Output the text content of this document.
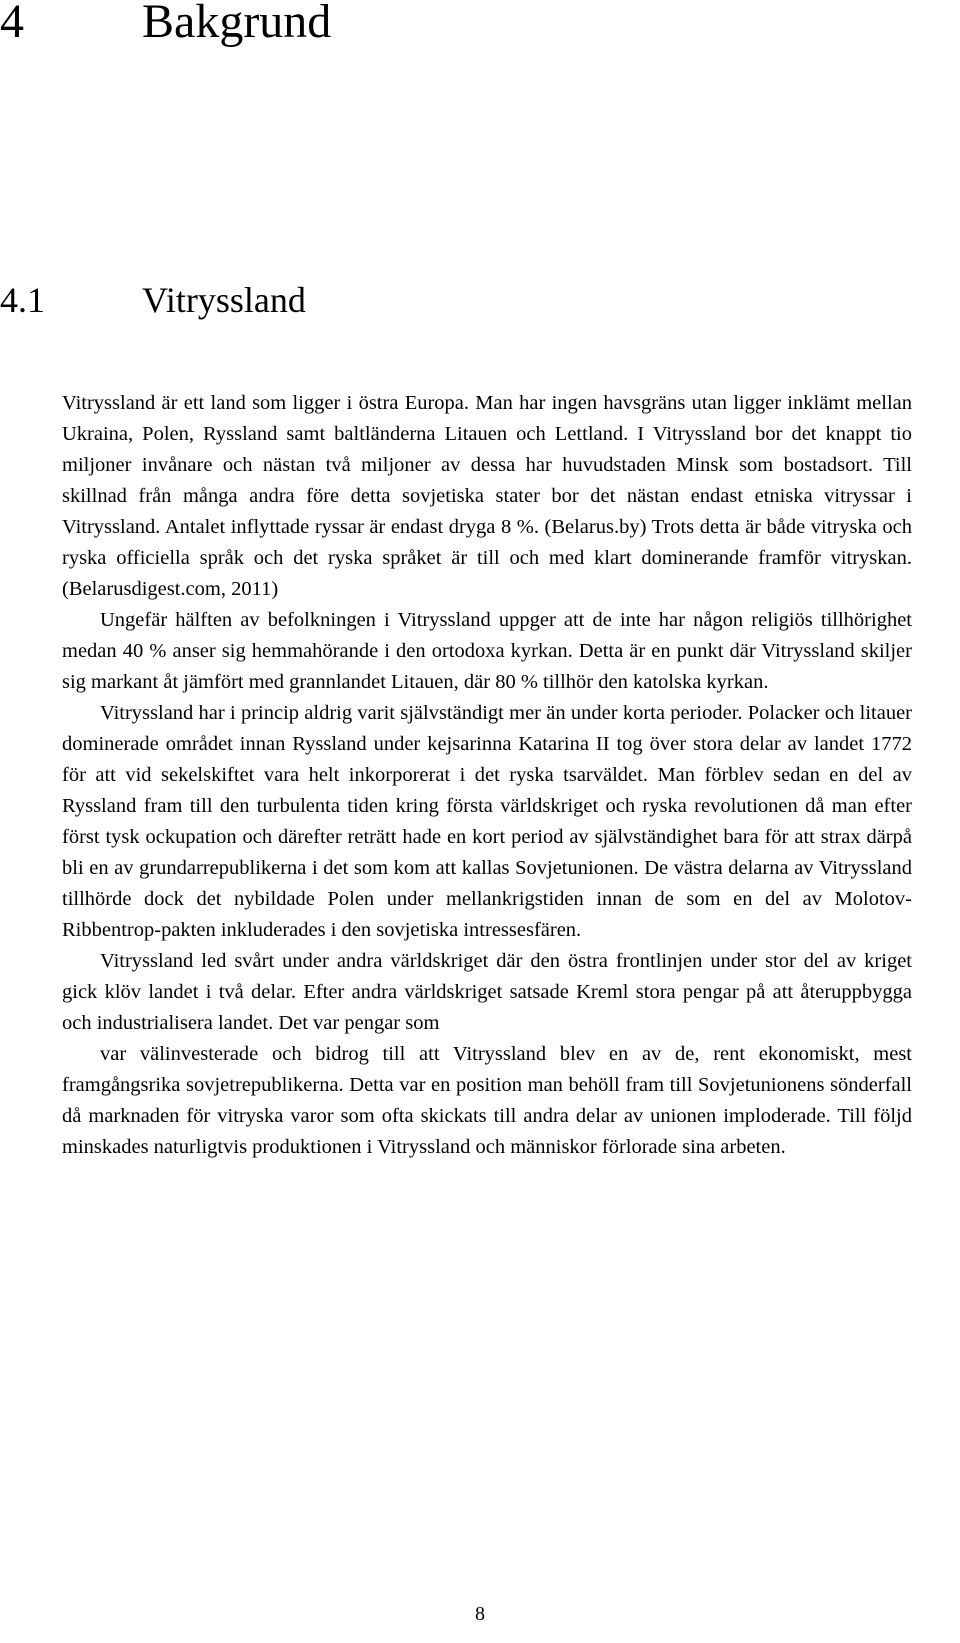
4 Bakgrund
4.1	Vitryssland

Vitryssland är ett land som ligger i östra Europa. Man har ingen havsgräns utan ligger inklämt mellan Ukraina, Polen, Ryssland samt baltländerna Litauen och Lettland. I Vitryssland bor det knappt tio miljoner invånare och nästan två miljoner av dessa har huvudstaden Minsk som bostadsort. Till skillnad från många andra före detta sovjetiska stater bor det nästan endast etniska vitryssar i Vitryssland. Antalet inflyttade ryssar är endast dryga 8 %. (Belarus.by) Trots detta är både vitryska och ryska officiella språk och det ryska språket är till och med klart dominerande framför vitryskan. (Belarusdigest.com, 2011)

Ungefär hälften av befolkningen i Vitryssland uppger att de inte har någon religiös tillhörighet medan 40 % anser sig hemmahörande i den ortodoxa kyrkan. Detta är en punkt där Vitryssland skiljer sig markant åt jämfört med grannlandet Litauen, där 80 % tillhör den katolska kyrkan.

Vitryssland har i princip aldrig varit självständigt mer än under korta perioder. Polacker och litauer dominerade området innan Ryssland under kejsarinna Katarina II tog över stora delar av landet 1772 för att vid sekelskiftet vara helt inkorporerat i det ryska tsarväldet. Man förblev sedan en del av Ryssland fram till den turbulenta tiden kring första världskriget och ryska revolutionen då man efter först tysk ockupation och därefter reträtt hade en kort period av självständighet bara för att strax därpå bli en av grundarrepublikerna i det som kom att kallas Sovjetunionen. De västra delarna av Vitryssland tillhörde dock det nybildade Polen under mellankrigstiden innan de som en del av Molotov-Ribbentrop-pakten inkluderades i den sovjetiska intressesfären.

Vitryssland led svårt under andra världskriget där den östra frontlinjen under stor del av kriget gick klöv landet i två delar. Efter andra världskriget satsade Kreml stora pengar på att återuppbygga och industrialisera landet. Det var pengar som

var välinvesterade och bidrog till att Vitryssland blev en av de, rent ekonomiskt, mest framgångsrika sovjetrepublikerna. Detta var en position man behöll fram till Sovjetunionens sönderfall då marknaden för vitryska varor som ofta skickats till andra delar av unionen imploderade. Till följd minskades naturligtvis produktionen i Vitryssland och människor förlorade sina arbeten.

8
